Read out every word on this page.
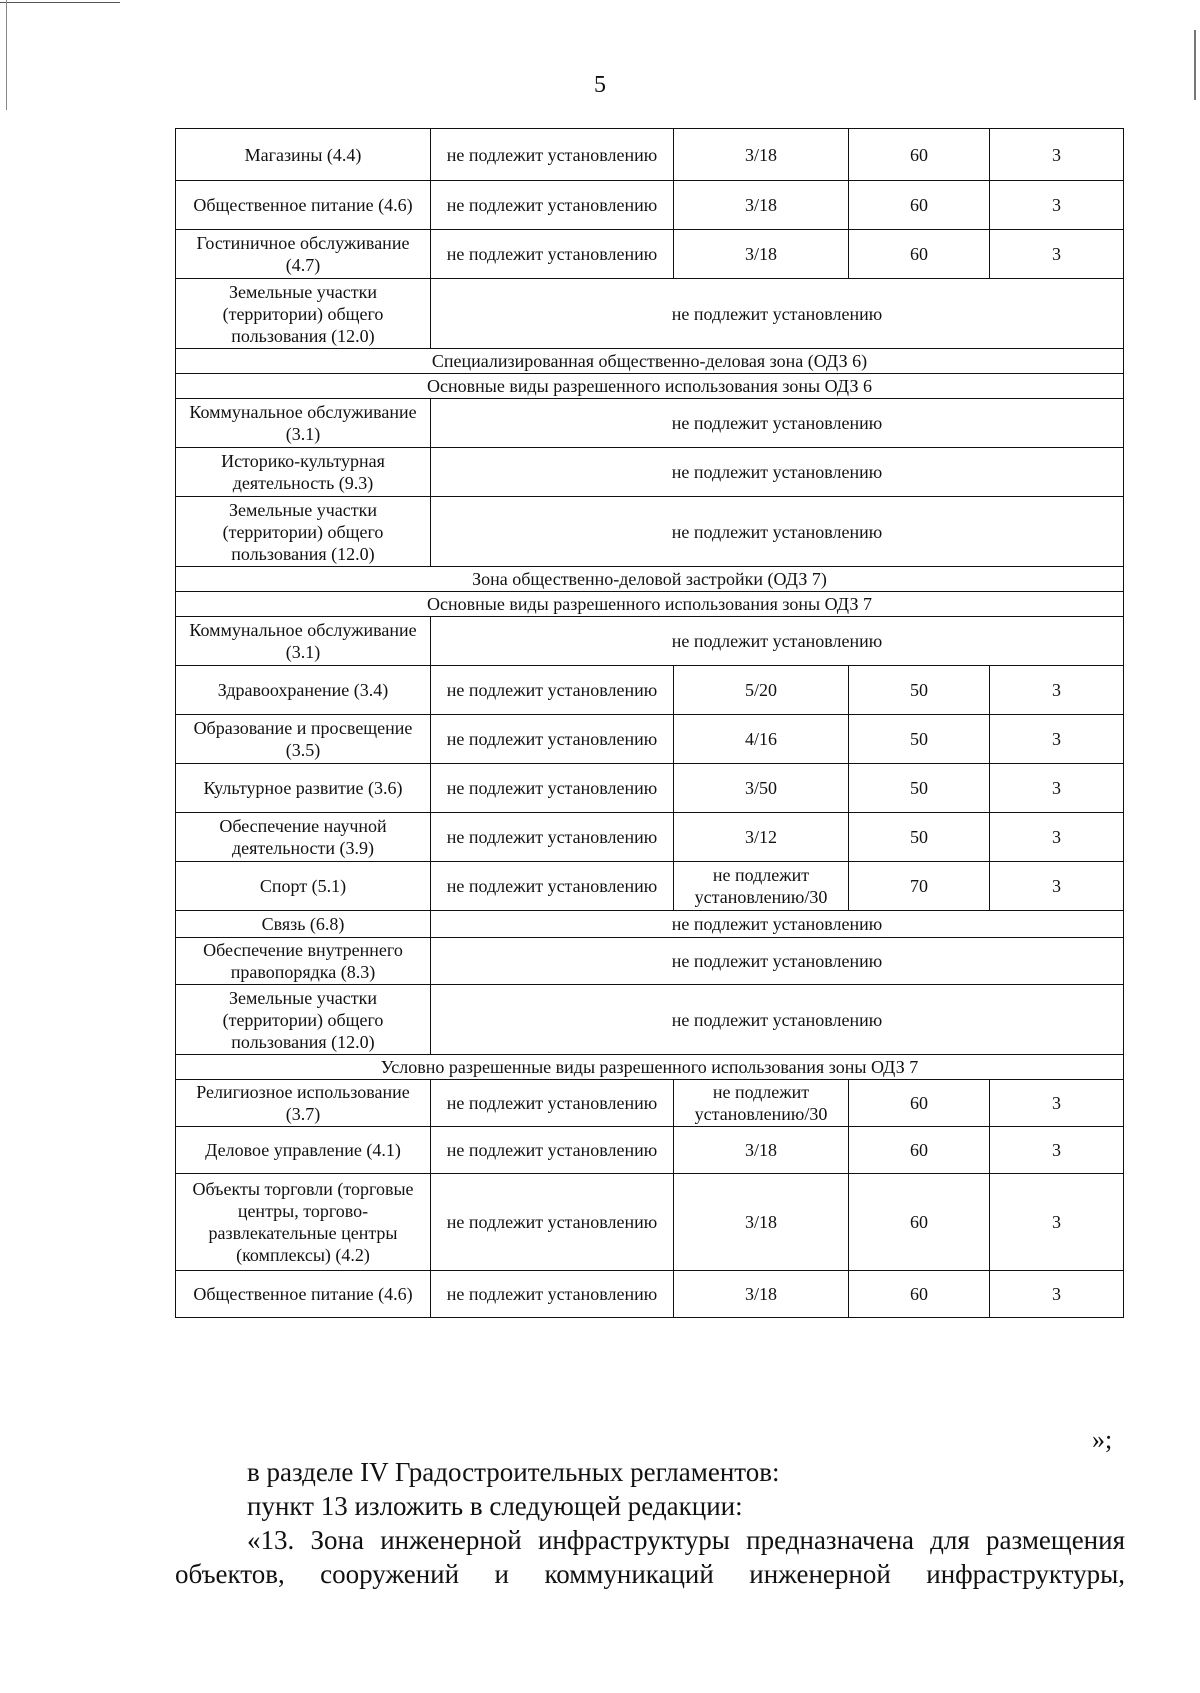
5
Магазины (4.4)	не подлежит установлению	3/18	60	3
Общественное питание (4.6)	не подлежит установлению	3/18	60	3
Гостиничное обслуживание (4.7)	не подлежит установлению	3/18	60	3
Земельные участки (территории) общего пользования (12.0)	не подлежит установлению			
Специализированная общественно-деловая зона (ОДЗ 6)				
Основные виды разрешенного использования зоны ОДЗ 6				
Коммунальное обслуживание (3.1)	не подлежит установлению			
Историко-культурная деятельность (9.3)	не подлежит установлению			
Земельные участки (территории) общего пользования (12.0)	не подлежит установлению			
Зона общественно-деловой застройки (ОДЗ 7)				
Основные виды разрешенного использования зоны ОДЗ 7				
Коммунальное обслуживание (3.1)	не подлежит установлению			
Здравоохранение (3.4)	не подлежит установлению	5/20	50	3
Образование и просвещение (3.5)	не подлежит установлению	4/16	50	3
Культурное развитие (3.6)	не подлежит установлению	3/50	50	3
Обеспечение научной деятельности (3.9)	не подлежит установлению	3/12	50	3
Спорт (5.1)	не подлежит установлению	не подлежит установлению/30	70	3
Связь (6.8)	не подлежит установлению			
Обеспечение внутреннего правопорядка (8.3)	не подлежит установлению			
Земельные участки (территории) общего пользования (12.0)	не подлежит установлению			
Условно разрешенные виды разрешенного использования зоны ОДЗ 7				
Религиозное использование (3.7)	не подлежит установлению	не подлежит установлению/30	60	3
Деловое управление (4.1)	не подлежит установлению	3/18	60	3
Объекты торговли (торговые центры, торгово-развлекательные центры (комплексы) (4.2)	не подлежит установлению	3/18	60	3
Общественное питание (4.6)	не подлежит установлению	3/18	60	3
»;
в разделе IV Градостроительных регламентов:
пункт 13 изложить в следующей редакции:
«13. Зона инженерной инфраструктуры предназначена для размещения
объектов, сооружений и коммуникаций инженерной инфраструктуры,
